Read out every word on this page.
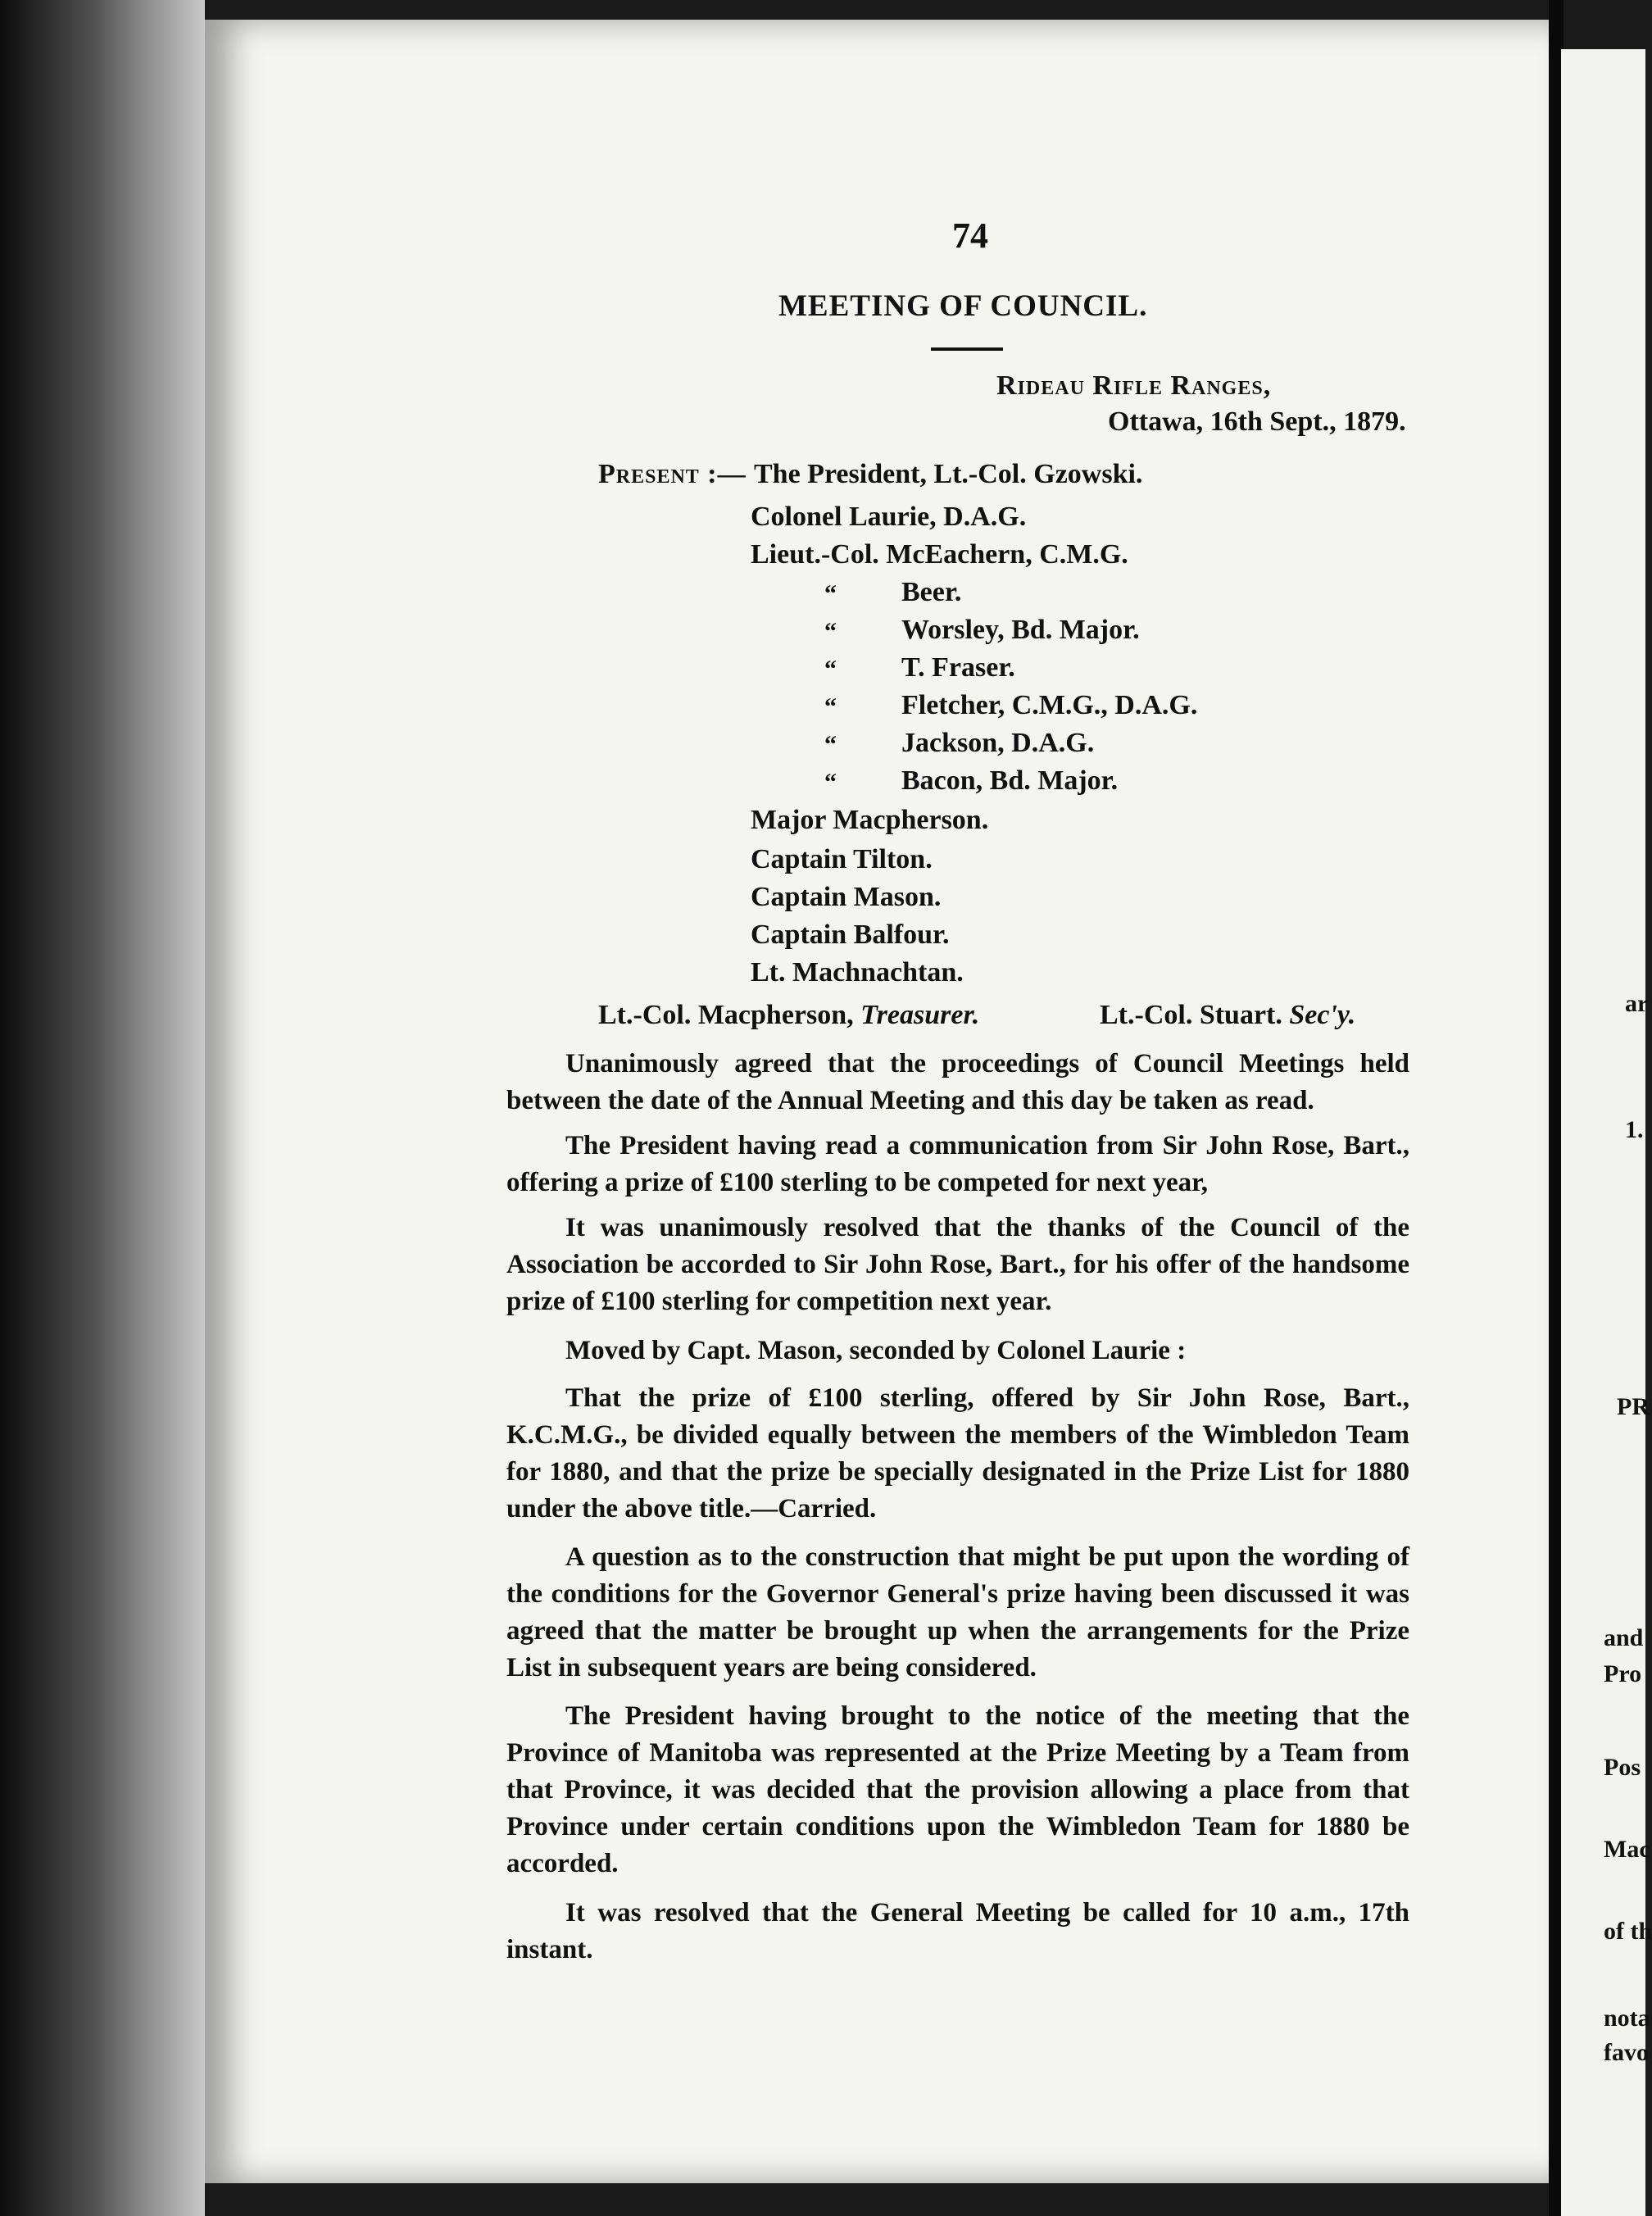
ar
1.
PR
and
Pro
Pos
Mac
of th
nota
favo
74
MEETING OF COUNCIL.
Rideau Rifle Ranges,
Ottawa, 16th Sept., 1879.
Present :— The President, Lt.-Col. Gzowski.
Colonel Laurie, D.A.G.
Lieut.-Col. McEachern, C.M.G.
“ Beer.
“ Worsley, Bd. Major.
“ T. Fraser.
“ Fletcher, C.M.G., D.A.G.
“ Jackson, D.A.G.
“ Bacon, Bd. Major.
Major Macpherson.
Captain Tilton.
Captain Mason.
Captain Balfour.
Lt. Machnachtan.
Lt.-Col. Macpherson, Treasurer.	Lt.-Col. Stuart. Sec'y.
Unanimously agreed that the proceedings of Council Meetings held between the date of the Annual Meeting and this day be taken as read.
The President having read a communication from Sir John Rose, Bart., offering a prize of £100 sterling to be competed for next year,
It was unanimously resolved that the thanks of the Council of the Association be accorded to Sir John Rose, Bart., for his offer of the handsome prize of £100 sterling for competition next year.
Moved by Capt. Mason, seconded by Colonel Laurie :
That the prize of £100 sterling, offered by Sir John Rose, Bart., K.C.M.G., be divided equally between the members of the Wimbledon Team for 1880, and that the prize be specially designated in the Prize List for 1880 under the above title.—Carried.
A question as to the construction that might be put upon the wording of the conditions for the Governor General's prize having been discussed it was agreed that the matter be brought up when the arrangements for the Prize List in subsequent years are being considered.
The President having brought to the notice of the meeting that the Province of Manitoba was represented at the Prize Meeting by a Team from that Province, it was decided that the provision allowing a place from that Province under certain conditions upon the Wimbledon Team for 1880 be accorded.
It was resolved that the General Meeting be called for 10 a.m., 17th instant.
